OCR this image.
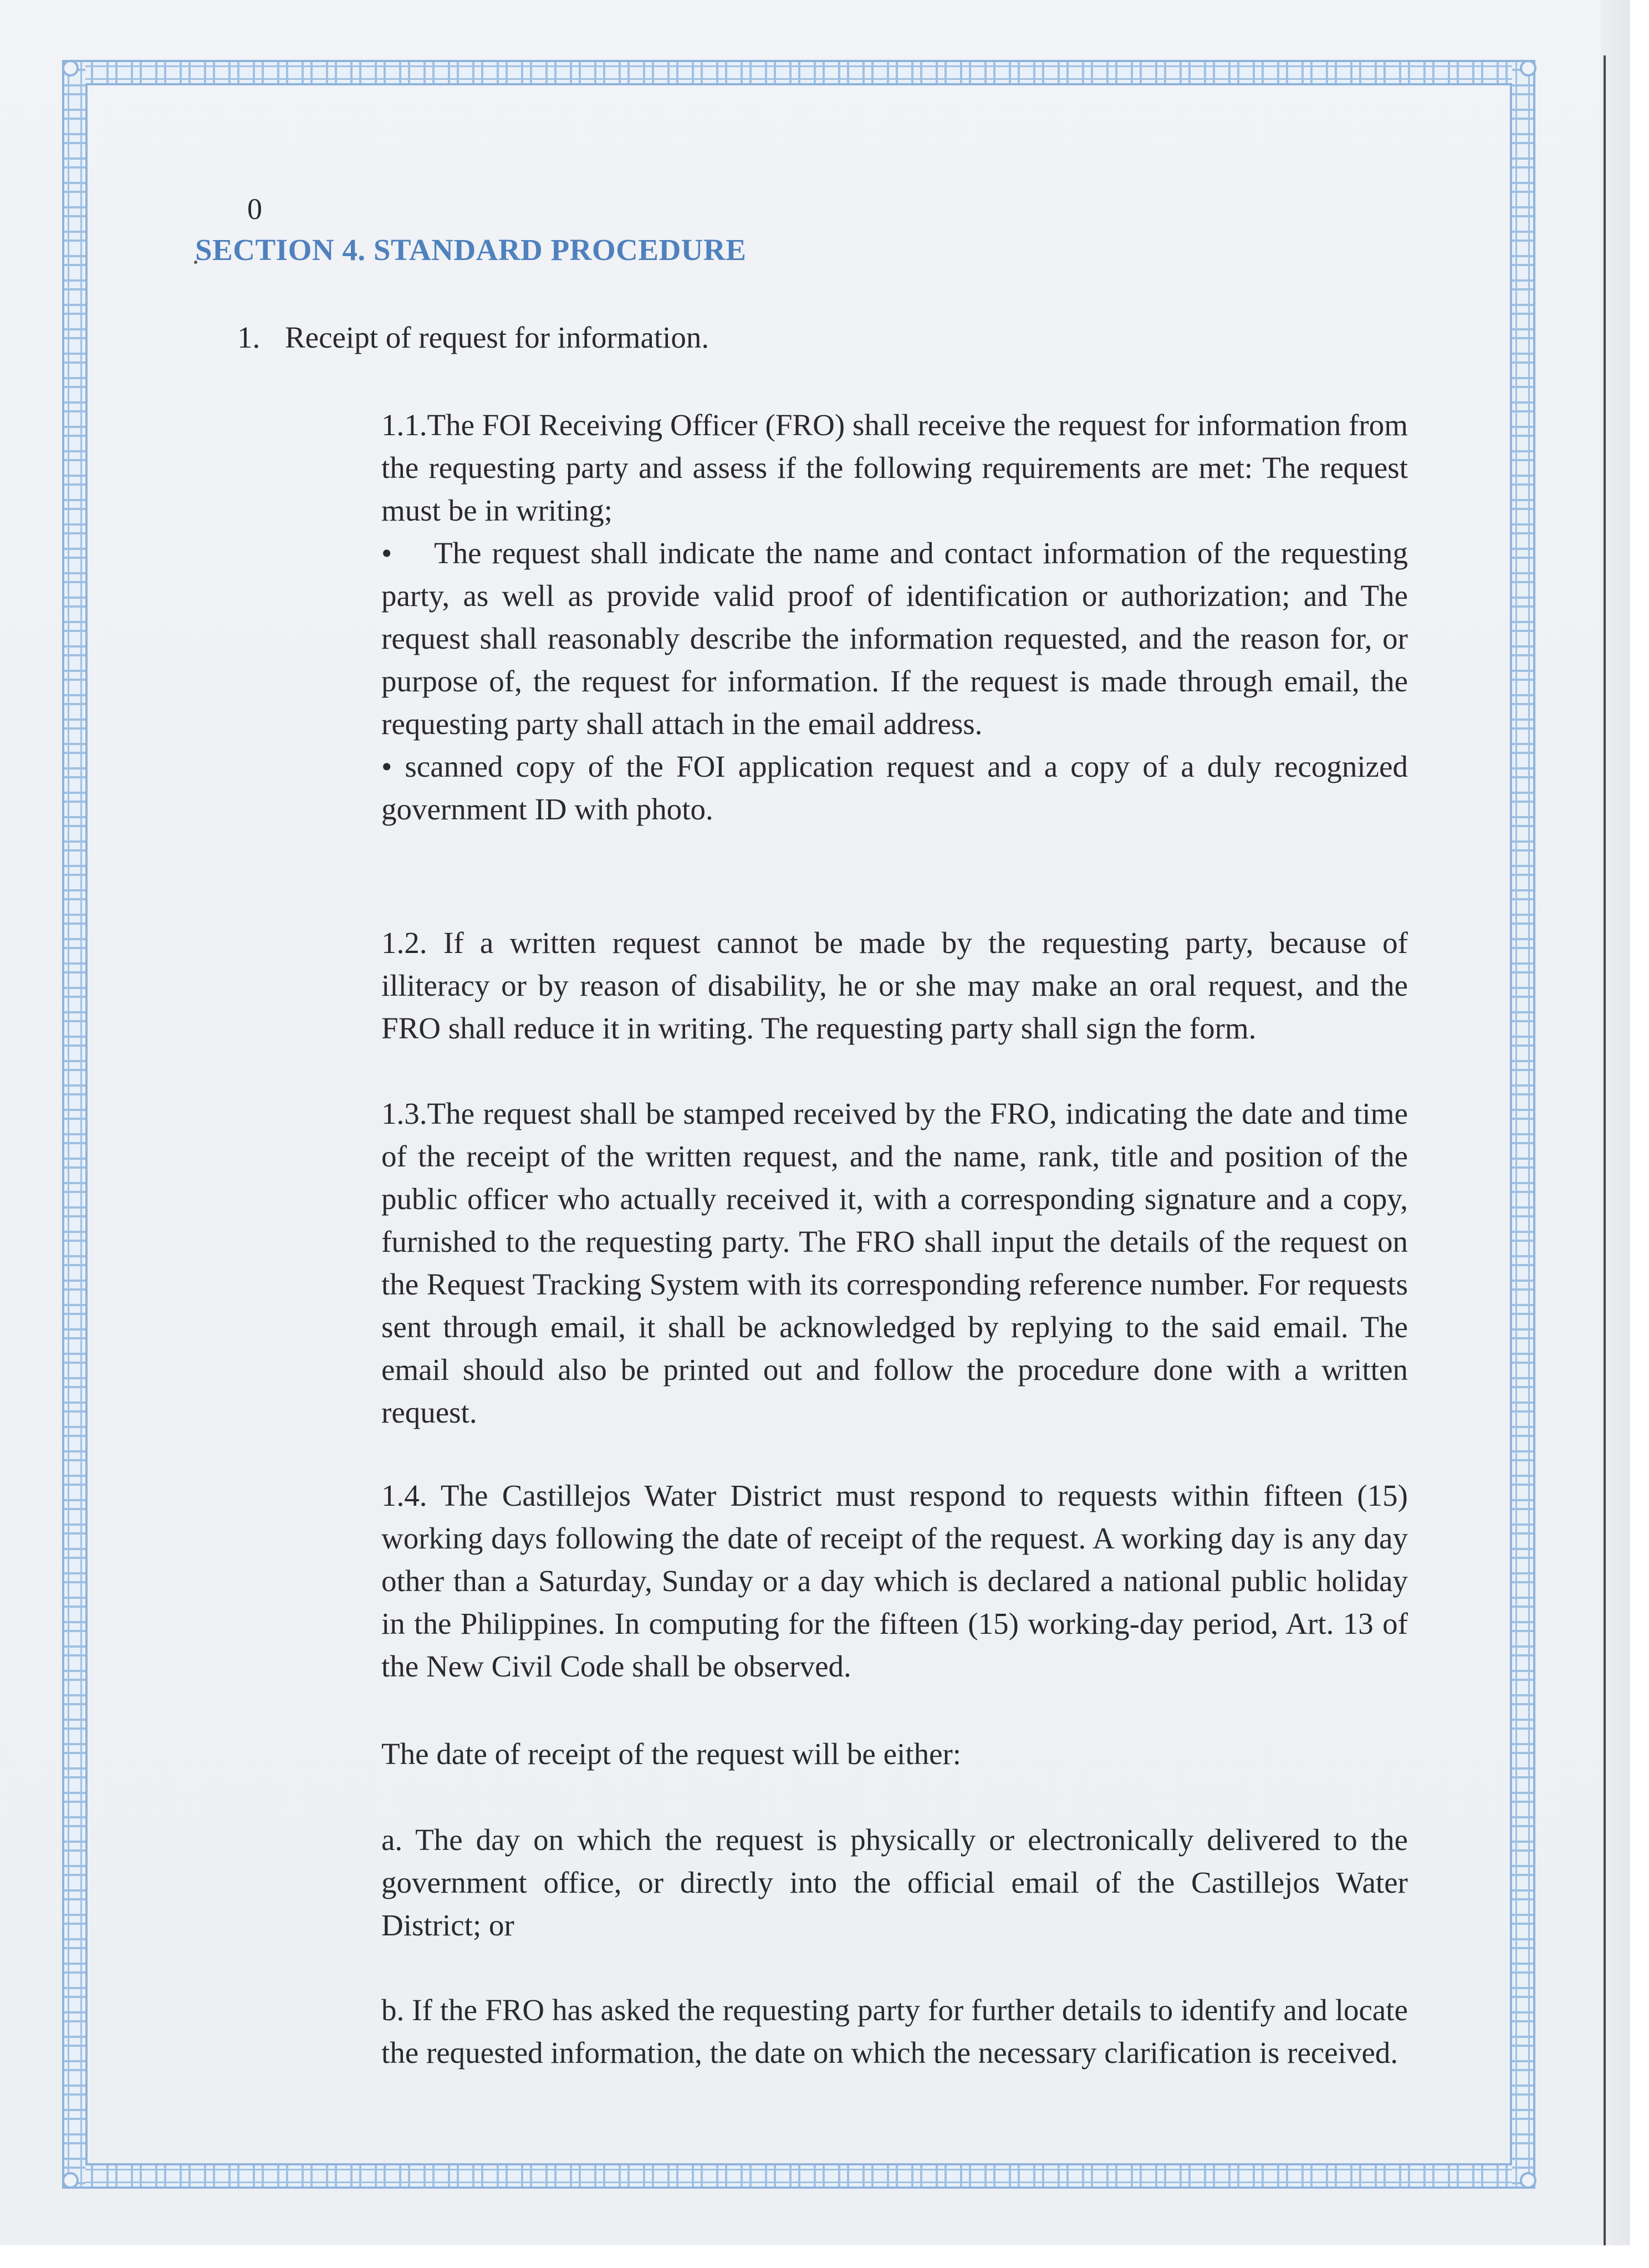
0
SECTION 4. STANDARD PROCEDURE
1. Receipt of request for information.
1.1.The FOI Receiving Officer (FRO) shall receive the request for information from the requesting party and assess if the following requirements are met: The request must be in writing;
• The request shall indicate the name and contact information of the requesting party, as well as provide valid proof of identification or authorization; and The request shall reasonably describe the information requested, and the reason for, or purpose of, the request for information. If the request is made through email, the requesting party shall attach in the email address.
• scanned copy of the FOI application request and a copy of a duly recognized government ID with photo.

1.2. If a written request cannot be made by the requesting party, because of illiteracy or by reason of disability, he or she may make an oral request, and the FRO shall reduce it in writing. The requesting party shall sign the form.

1.3.The request shall be stamped received by the FRO, indicating the date and time of the receipt of the written request, and the name, rank, title and position of the public officer who actually received it, with a corresponding signature and a copy, furnished to the requesting party. The FRO shall input the details of the request on the Request Tracking System with its corresponding reference number. For requests sent through email, it shall be acknowledged by replying to the said email. The email should also be printed out and follow the procedure done with a written request.

1.4. The Castillejos Water District must respond to requests within fifteen (15) working days following the date of receipt of the request. A working day is any day other than a Saturday, Sunday or a day which is declared a national public holiday in the Philippines. In computing for the fifteen (15) working-day period, Art. 13 of the New Civil Code shall be observed.

The date of receipt of the request will be either:

a. The day on which the request is physically or electronically delivered to the government office, or directly into the official email of the Castillejos Water District; or

b. If the FRO has asked the requesting party for further details to identify and locate the requested information, the date on which the necessary clarification is received.
